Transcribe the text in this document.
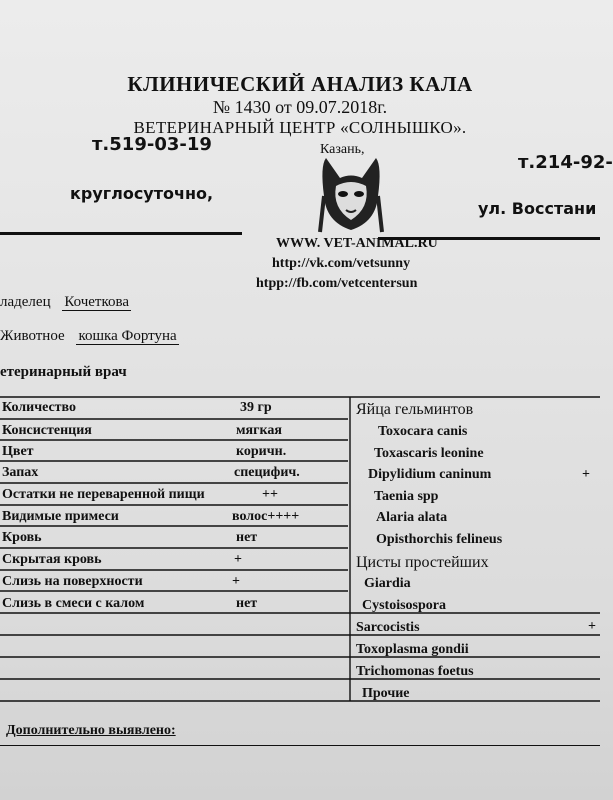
КЛИНИЧЕСКИЙ АНАЛИЗ КАЛА
№ 1430 от 09.07.2018г.
ВЕТЕРИНАРНЫЙ ЦЕНТР «СОЛНЫШКО».
т.519-03-19
т.214-92-
Казань,
круглосуточно,
ул. Восстани
WWW. VET-ANIMAL.RU
http://vk.com/vetsunny
htpp://fb.com/vetcentersun
ладелец Кочеткова
Животное кошка Фортуна
етеринарный врач
Количество	39 гр
Консистенция	мягкая
Цвет	коричн.
Запах	специфич.
Остатки не переваренной пищи	++
Видимые примеси	волос++++
Кровь	нет
Скрытая кровь	+
Слизь на поверхности	+
Слизь в смеси с калом	нет
Яйца гельминтов
Toxocara canis
Toxascaris leonine
Dipylidium caninum	+
Taenia spp
Alaria alata
Opisthorchis felineus
Цисты простейших
Giardia
Cystoisospora
Sarcocistis	+
Toxoplasma gondii
Trichomonas foetus
Прочие
Дополнительно выявлено:
